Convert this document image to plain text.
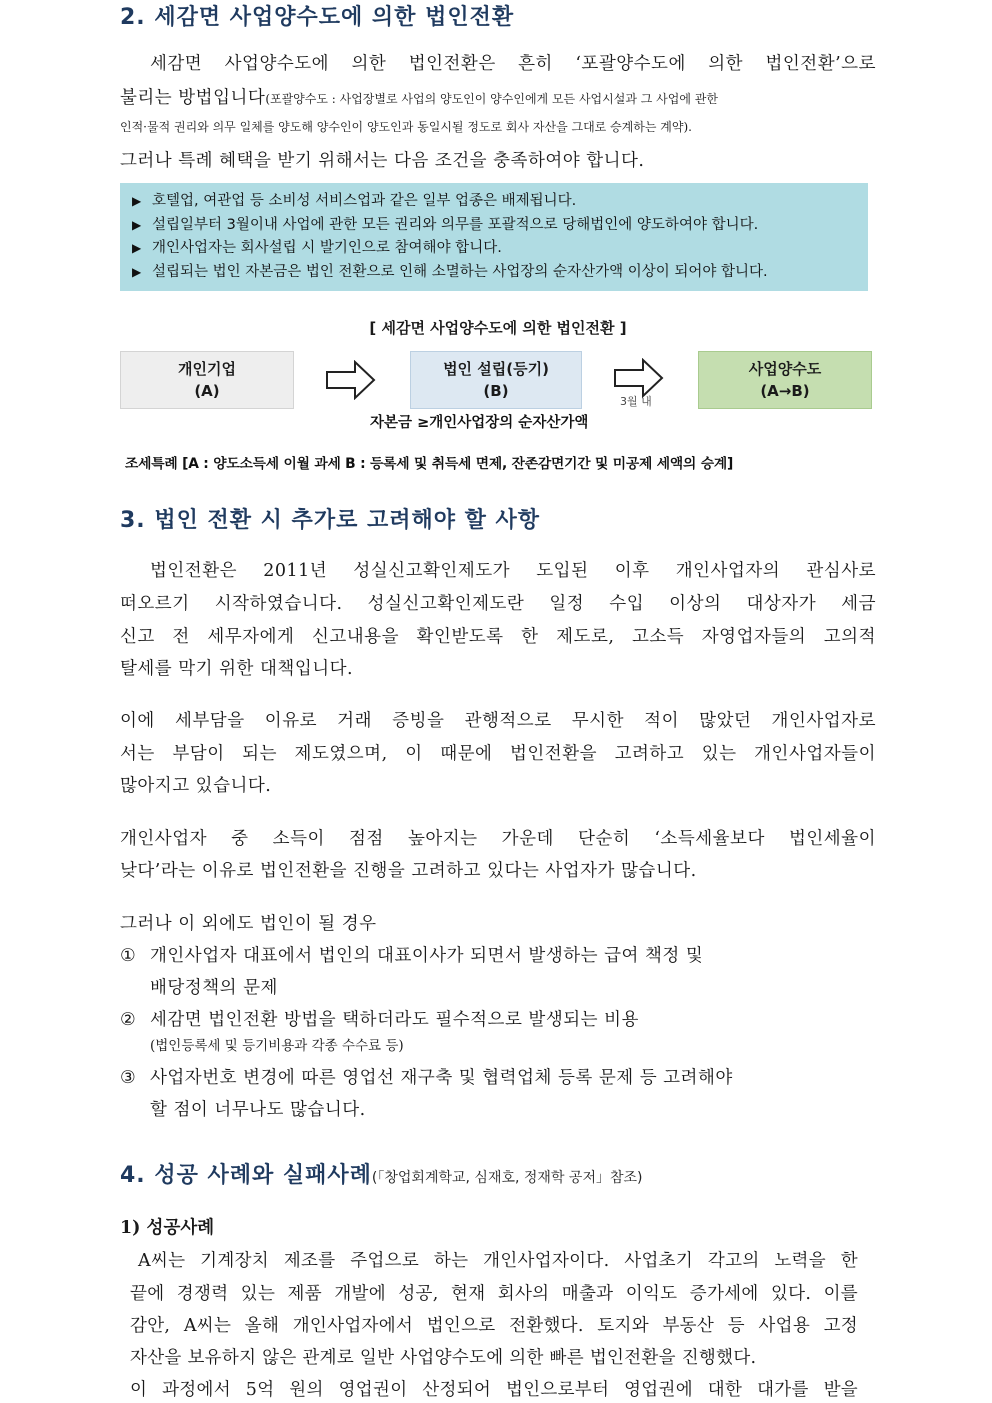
2. 세감면 사업양수도에 의한 법인전환
세감면 사업양수도에 의한 법인전환은 흔히 ‘포괄양수도에 의한 법인전환’으로
불리는 방법입니다(포괄양수도 : 사업장별로 사업의 양도인이 양수인에게 모든 사업시설과 그 사업에 관한
인적·물적 권리와 의무 일체를 양도해 양수인이 양도인과 동일시될 정도로 회사 자산을 그대로 승계하는 계약).
그러나 특례 혜택을 받기 위해서는 다음 조건을 충족하여야 합니다.
▶ 호텔업, 여관업 등 소비성 서비스업과 같은 일부 업종은 배제됩니다.
▶ 설립일부터 3월이내 사업에 관한 모든 권리와 의무를 포괄적으로 당해법인에 양도하여야 합니다.
▶ 개인사업자는 회사설립 시 발기인으로 참여해야 합니다.
▶ 설립되는 법인 자본금은 법인 전환으로 인해 소멸하는 사업장의 순자산가액 이상이 되어야 합니다.
[ 세감면 사업양수도에 의한 법인전환 ]
개인기업
(A)
법인 설립(등기)
(B)
3월 내
사업양수도
(A→B)
자본금 ≥개인사업장의 순자산가액
조세특례 [A : 양도소득세 이월 과세 B : 등록세 및 취득세 면제, 잔존감면기간 및 미공제 세액의 승계]
3. 법인 전환 시 추가로 고려해야 할 사항
법인전환은 2011년 성실신고확인제도가 도입된 이후 개인사업자의 관심사로
떠오르기 시작하였습니다. 성실신고확인제도란 일정 수입 이상의 대상자가 세금
신고 전 세무자에게 신고내용을 확인받도록 한 제도로, 고소득 자영업자들의 고의적
탈세를 막기 위한 대책입니다.
이에 세부담을 이유로 거래 증빙을 관행적으로 무시한 적이 많았던 개인사업자로
서는 부담이 되는 제도였으며, 이 때문에 법인전환을 고려하고 있는 개인사업자들이
많아지고 있습니다.
개인사업자 중 소득이 점점 높아지는 가운데 단순히 ‘소득세율보다 법인세율이
낮다’라는 이유로 법인전환을 진행을 고려하고 있다는 사업자가 많습니다.
그러나 이 외에도 법인이 될 경우
① 개인사업자 대표에서 법인의 대표이사가 되면서 발생하는 급여 책정 및
배당정책의 문제
② 세감면 법인전환 방법을 택하더라도 필수적으로 발생되는 비용
(법인등록세 및 등기비용과 각종 수수료 등)
③ 사업자번호 변경에 따른 영업선 재구축 및 협력업체 등록 문제 등 고려해야
할 점이 너무나도 많습니다.
4. 성공 사례와 실패사례(「창업회계학교, 심재호, 정재학 공저」참조)
1) 성공사례
A씨는 기계장치 제조를 주업으로 하는 개인사업자이다. 사업초기 각고의 노력을 한
끝에 경쟁력 있는 제품 개발에 성공, 현재 회사의 매출과 이익도 증가세에 있다. 이를
감안, A씨는 올해 개인사업자에서 법인으로 전환했다. 토지와 부동산 등 사업용 고정
자산을 보유하지 않은 관계로 일반 사업양수도에 의한 빠른 법인전환을 진행했다.
이 과정에서 5억 원의 영업권이 산정되어 법인으로부터 영업권에 대한 대가를 받을
